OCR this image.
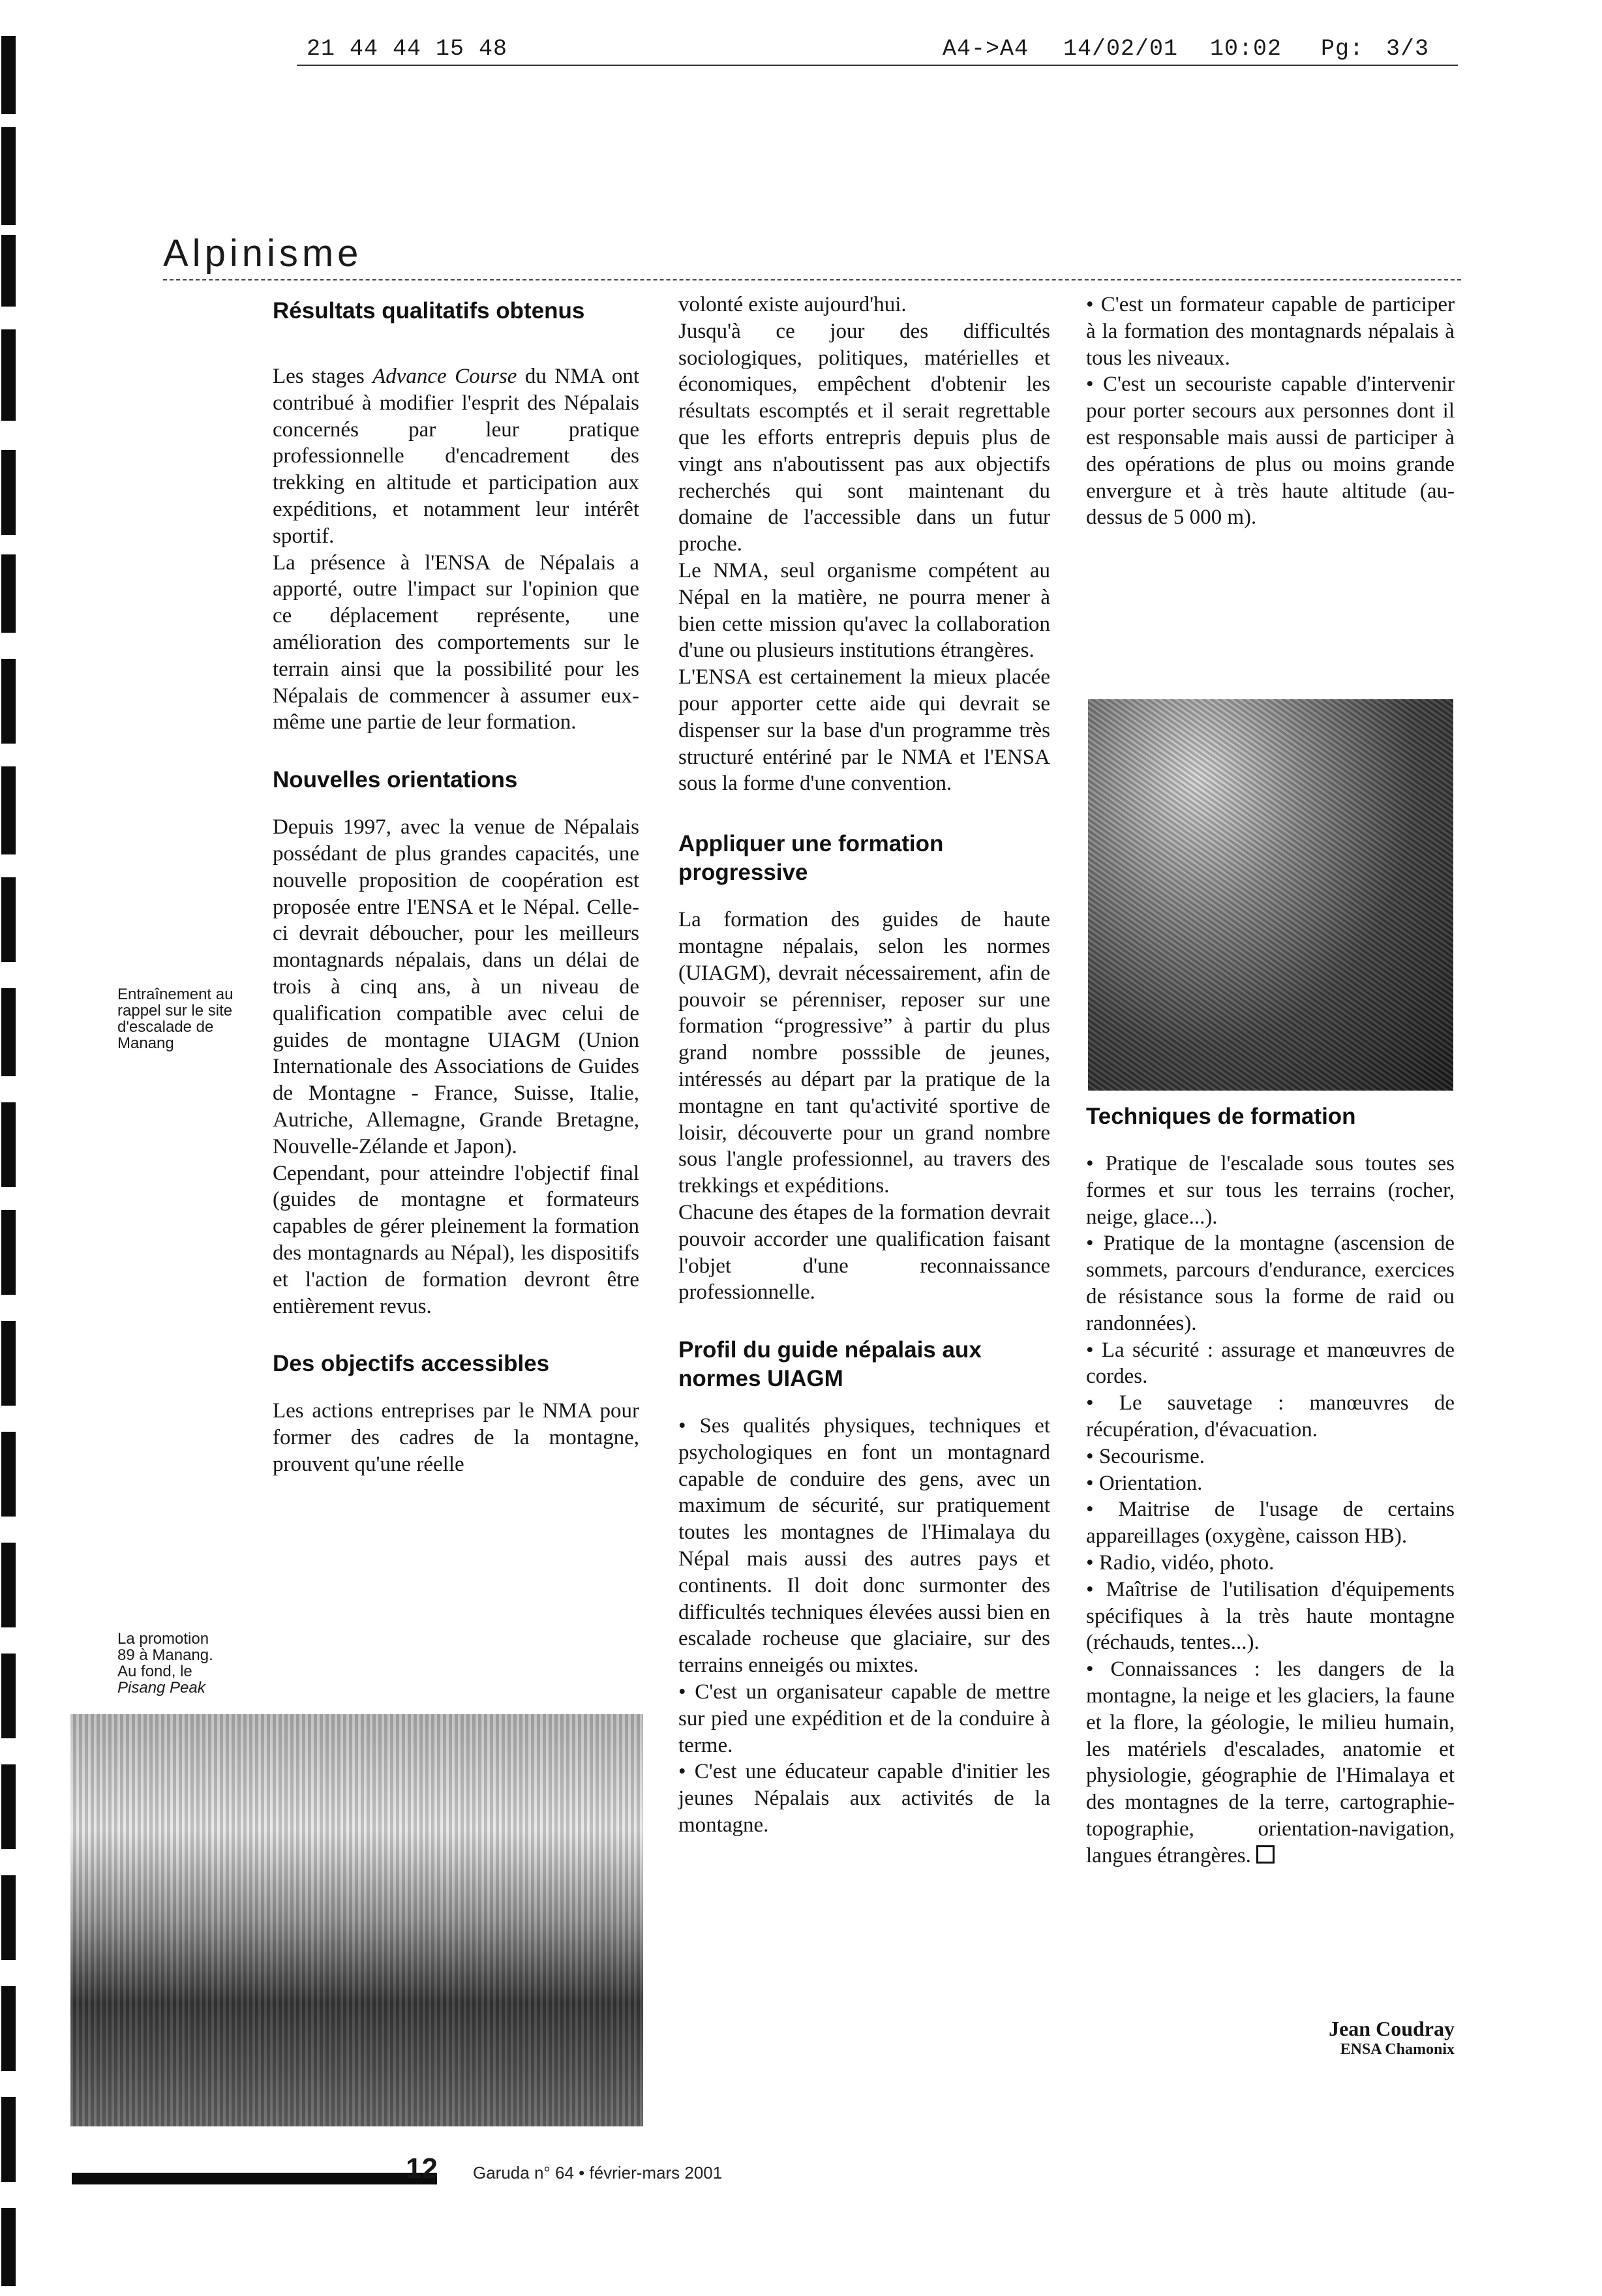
21 44 44 15 48	A4->A4 14/02/01 10:02 Pg: 3/3
Alpinisme
Résultats qualitatifs obtenus

Les stages Advance Course du NMA ont contribué à modifier l'esprit des Népalais concernés par leur pratique professionnelle d'encadrement des trekking en altitude et participation aux expéditions, et notamment leur intérêt sportif.

La présence à l'ENSA de Népalais a apporté, outre l'impact sur l'opinion que ce déplacement représente, une amélioration des comportements sur le terrain ainsi que la possibilité pour les Népalais de commencer à assumer eux-même une partie de leur formation.

Nouvelles orientations

Depuis 1997, avec la venue de Népalais possédant de plus grandes capacités, une nouvelle proposition de coopération est proposée entre l'ENSA et le Népal. Celle-ci devrait déboucher, pour les meilleurs montagnards népalais, dans un délai de trois à cinq ans, à un niveau de qualification compatible avec celui de guides de montagne UIAGM (Union Internationale des Associations de Guides de Montagne - France, Suisse, Italie, Autriche, Allemagne, Grande Bretagne, Nouvelle-Zélande et Japon).

Cependant, pour atteindre l'objectif final (guides de montagne et formateurs capables de gérer pleinement la formation des montagnards au Népal), les dispositifs et l'action de formation devront être entièrement revus.

Des objectifs accessibles

Les actions entreprises par le NMA pour former des cadres de la montagne, prouvent qu'une réelle

volonté existe aujourd'hui.

Jusqu'à ce jour des difficultés sociologiques, politiques, matérielles et économiques, empêchent d'obtenir les résultats escomptés et il serait regrettable que les efforts entrepris depuis plus de vingt ans n'aboutissent pas aux objectifs recherchés qui sont maintenant du domaine de l'accessible dans un futur proche.

Le NMA, seul organisme compétent au Népal en la matière, ne pourra mener à bien cette mission qu'avec la collaboration d'une ou plusieurs institutions étrangères.

L'ENSA est certainement la mieux placée pour apporter cette aide qui devrait se dispenser sur la base d'un programme très structuré entériné par le NMA et l'ENSA sous la forme d'une convention.

Appliquer une formation progressive

La formation des guides de haute montagne népalais, selon les normes (UIAGM), devrait nécessairement, afin de pouvoir se pérenniser, reposer sur une formation “progressive” à partir du plus grand nombre posssible de jeunes, intéressés au départ par la pratique de la montagne en tant qu'activité sportive de loisir, découverte pour un grand nombre sous l'angle professionnel, au travers des trekkings et expéditions.

Chacune des étapes de la formation devrait pouvoir accorder une qualification faisant l'objet d'une reconnaissance professionnelle.

Profil du guide népalais aux normes UIAGM
• Ses qualités physiques, techniques et psychologiques en font un montagnard capable de conduire des gens, avec un maximum de sécurité, sur pratiquement toutes les montagnes de l'Himalaya du Népal mais aussi des autres pays et continents. Il doit donc surmonter des difficultés techniques élevées aussi bien en escalade rocheuse que glaciaire, sur des terrains enneigés ou mixtes.
• C'est un organisateur capable de mettre sur pied une expédition et de la conduire à terme.
• C'est une éducateur capable d'initier les jeunes Népalais aux activités de la montagne.
• C'est un formateur capable de participer à la formation des montagnards népalais à tous les niveaux.
• C'est un secouriste capable d'intervenir pour porter secours aux personnes dont il est responsable mais aussi de participer à des opérations de plus ou moins grande envergure et à très haute altitude (au-dessus de 5 000 m).
Techniques de formation
• Pratique de l'escalade sous toutes ses formes et sur tous les terrains (rocher, neige, glace...).
• Pratique de la montagne (ascension de sommets, parcours d'endurance, exercices de résistance sous la forme de raid ou randonnées).
• La sécurité : assurage et manœuvres de cordes.
• Le sauvetage : manœuvres de récupération, d'évacuation.
• Secourisme.
• Orientation.
• Maitrise de l'usage de certains appareillages (oxygène, caisson HB).
• Radio, vidéo, photo.
• Maîtrise de l'utilisation d'équipements spécifiques à la très haute montagne (réchauds, tentes...).
• Connaissances : les dangers de la montagne, la neige et les glaciers, la faune et la flore, la géologie, le milieu humain, les matériels d'escalades, anatomie et physiologie, géographie de l'Himalaya et des montagnes de la terre, cartographie-topographie, orientation-navigation, langues étrangères.
Entraînement au rappel sur le site d'escalade de Manang
La promotion
89 à Manang.
Au fond, le
Pisang Peak
Jean Coudray
ENSA Chamonix
12 Garuda n° 64 • février-mars 2001
